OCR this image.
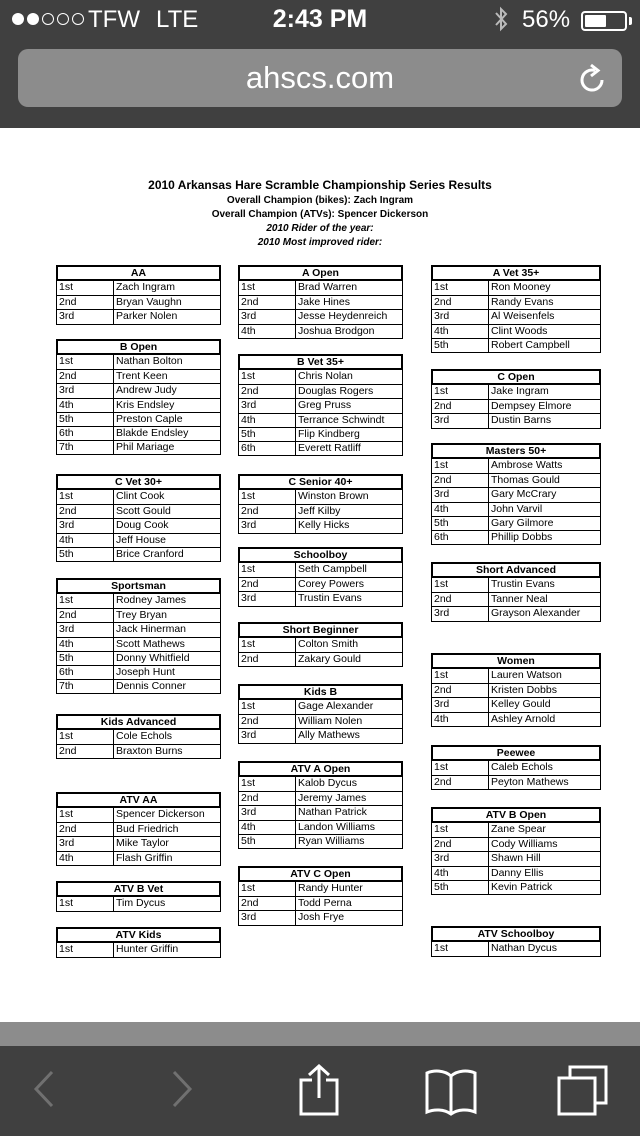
TFW LTE	2:43 PM	56%
ahscs.com
2010 Arkansas Hare Scramble Championship Series Results
Overall Champion (bikes): Zach Ingram
Overall Champion (ATVs): Spencer Dickerson
2010 Rider of the year:
2010 Most improved rider:
AA
1st	Zach Ingram
2nd	Bryan Vaughn
3rd	Parker Nolen
B Open
1st	Nathan Bolton
2nd	Trent Keen
3rd	Andrew Judy
4th	Kris Endsley
5th	Preston Caple
6th	Blakde Endsley
7th	Phil Mariage
C Vet 30+
1st	Clint Cook
2nd	Scott Gould
3rd	Doug Cook
4th	Jeff House
5th	Brice Cranford
Sportsman
1st	Rodney James
2nd	Trey Bryan
3rd	Jack Hinerman
4th	Scott Mathews
5th	Donny Whitfield
6th	Joseph Hunt
7th	Dennis Conner
Kids Advanced
1st	Cole Echols
2nd	Braxton Burns
ATV AA
1st	Spencer Dickerson
2nd	Bud Friedrich
3rd	Mike Taylor
4th	Flash Griffin
ATV B Vet
1st	Tim Dycus
ATV Kids
1st	Hunter Griffin
A Open
1st	Brad Warren
2nd	Jake Hines
3rd	Jesse Heydenreich
4th	Joshua Brodgon
B Vet 35+
1st	Chris Nolan
2nd	Douglas Rogers
3rd	Greg Pruss
4th	Terrance Schwindt
5th	Flip Kindberg
6th	Everett Ratliff
C Senior 40+
1st	Winston Brown
2nd	Jeff Kilby
3rd	Kelly Hicks
Schoolboy
1st	Seth Campbell
2nd	Corey Powers
3rd	Trustin Evans
Short Beginner
1st	Colton Smith
2nd	Zakary Gould
Kids B
1st	Gage Alexander
2nd	William Nolen
3rd	Ally Mathews
ATV A Open
1st	Kalob Dycus
2nd	Jeremy James
3rd	Nathan Patrick
4th	Landon Williams
5th	Ryan Williams
ATV C Open
1st	Randy Hunter
2nd	Todd Perna
3rd	Josh Frye
A Vet 35+
1st	Ron Mooney
2nd	Randy Evans
3rd	Al Weisenfels
4th	Clint Woods
5th	Robert Campbell
C Open
1st	Jake Ingram
2nd	Dempsey Elmore
3rd	Dustin Barns
Masters 50+
1st	Ambrose Watts
2nd	Thomas Gould
3rd	Gary McCrary
4th	John Varvil
5th	Gary Gilmore
6th	Phillip Dobbs
Short Advanced
1st	Trustin Evans
2nd	Tanner Neal
3rd	Grayson Alexander
Women
1st	Lauren Watson
2nd	Kristen Dobbs
3rd	Kelley Gould
4th	Ashley Arnold
Peewee
1st	Caleb Echols
2nd	Peyton Mathews
ATV B Open
1st	Zane Spear
2nd	Cody Williams
3rd	Shawn Hill
4th	Danny Ellis
5th	Kevin Patrick
ATV Schoolboy
1st	Nathan Dycus
